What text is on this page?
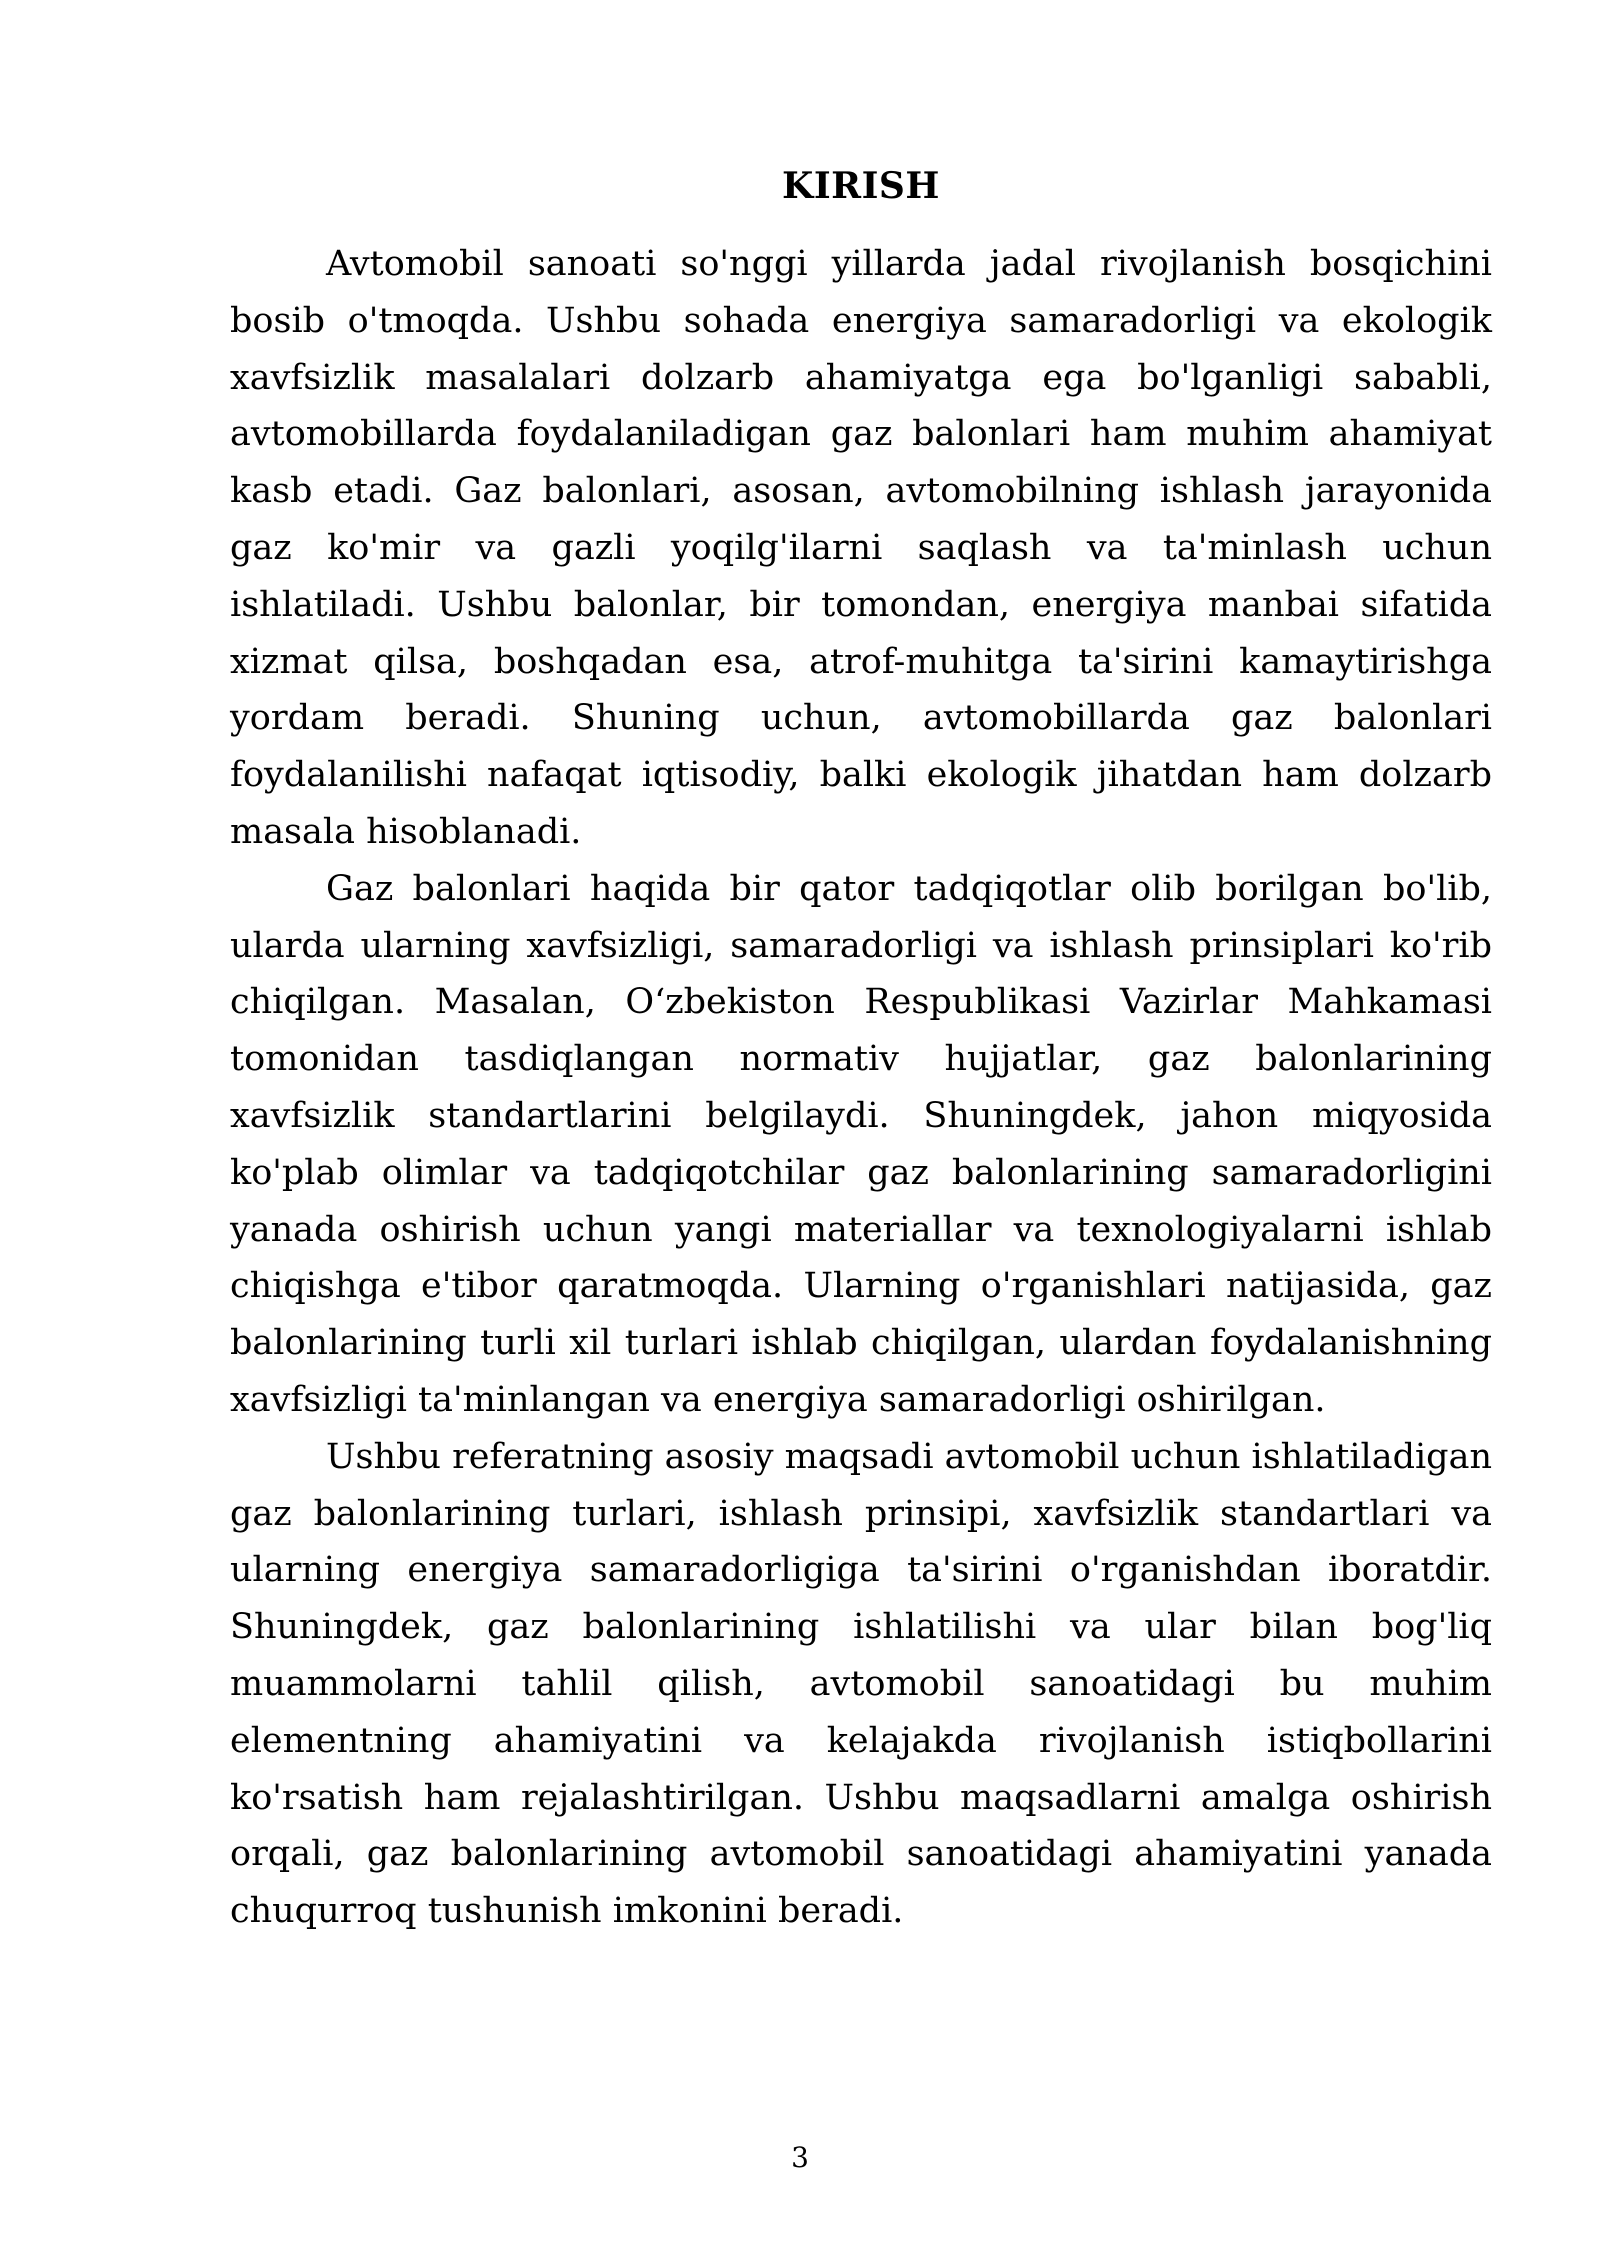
KIRISH

Avtomobil sanoati so'nggi yillarda jadal rivojlanish bosqichini bosib o'tmoqda. Ushbu sohada energiya samaradorligi va ekologik xavfsizlik masalalari dolzarb ahamiyatga ega bo'lganligi sababli, avtomobillarda foydalaniladigan gaz balonlari ham muhim ahamiyat kasb etadi. Gaz balonlari, asosan, avtomobilning ishlash jarayonida gaz ko'mir va gazli yoqilg'ilarni saqlash va ta'minlash uchun ishlatiladi. Ushbu balonlar, bir tomondan, energiya manbai sifatida xizmat qilsa, boshqadan esa, atrof-muhitga ta'sirini kamaytirishga yordam beradi. Shuning uchun, avtomobillarda gaz balonlari foydalanilishi nafaqat iqtisodiy, balki ekologik jihatdan ham dolzarb masala hisoblanadi.

Gaz balonlari haqida bir qator tadqiqotlar olib borilgan bo'lib, ularda ularning xavfsizligi, samaradorligi va ishlash prinsiplari ko'rib chiqilgan. Masalan, O‘zbekiston Respublikasi Vazirlar Mahkamasi tomonidan tasdiqlangan normativ hujjatlar, gaz balonlarining xavfsizlik standartlarini belgilaydi. Shuningdek, jahon miqyosida ko'plab olimlar va tadqiqotchilar gaz balonlarining samaradorligini yanada oshirish uchun yangi materiallar va texnologiyalarni ishlab chiqishga e'tibor qaratmoqda. Ularning o'rganishlari natijasida, gaz balonlarining turli xil turlari ishlab chiqilgan, ulardan foydalanishning xavfsizligi ta'minlangan va energiya samaradorligi oshirilgan.

Ushbu referatning asosiy maqsadi avtomobil uchun ishlatiladigan gaz balonlarining turlari, ishlash prinsipi, xavfsizlik standartlari va ularning energiya samaradorligiga ta'sirini o'rganishdan iboratdir. Shuningdek, gaz balonlarining ishlatilishi va ular bilan bog'liq muammolarni tahlil qilish, avtomobil sanoatidagi bu muhim elementning ahamiyatini va kelajakda rivojlanish istiqbollarini ko'rsatish ham rejalashtirilgan. Ushbu maqsadlarni amalga oshirish orqali, gaz balonlarining avtomobil sanoatidagi ahamiyatini yanada chuqurroq tushunish imkonini beradi.

3
